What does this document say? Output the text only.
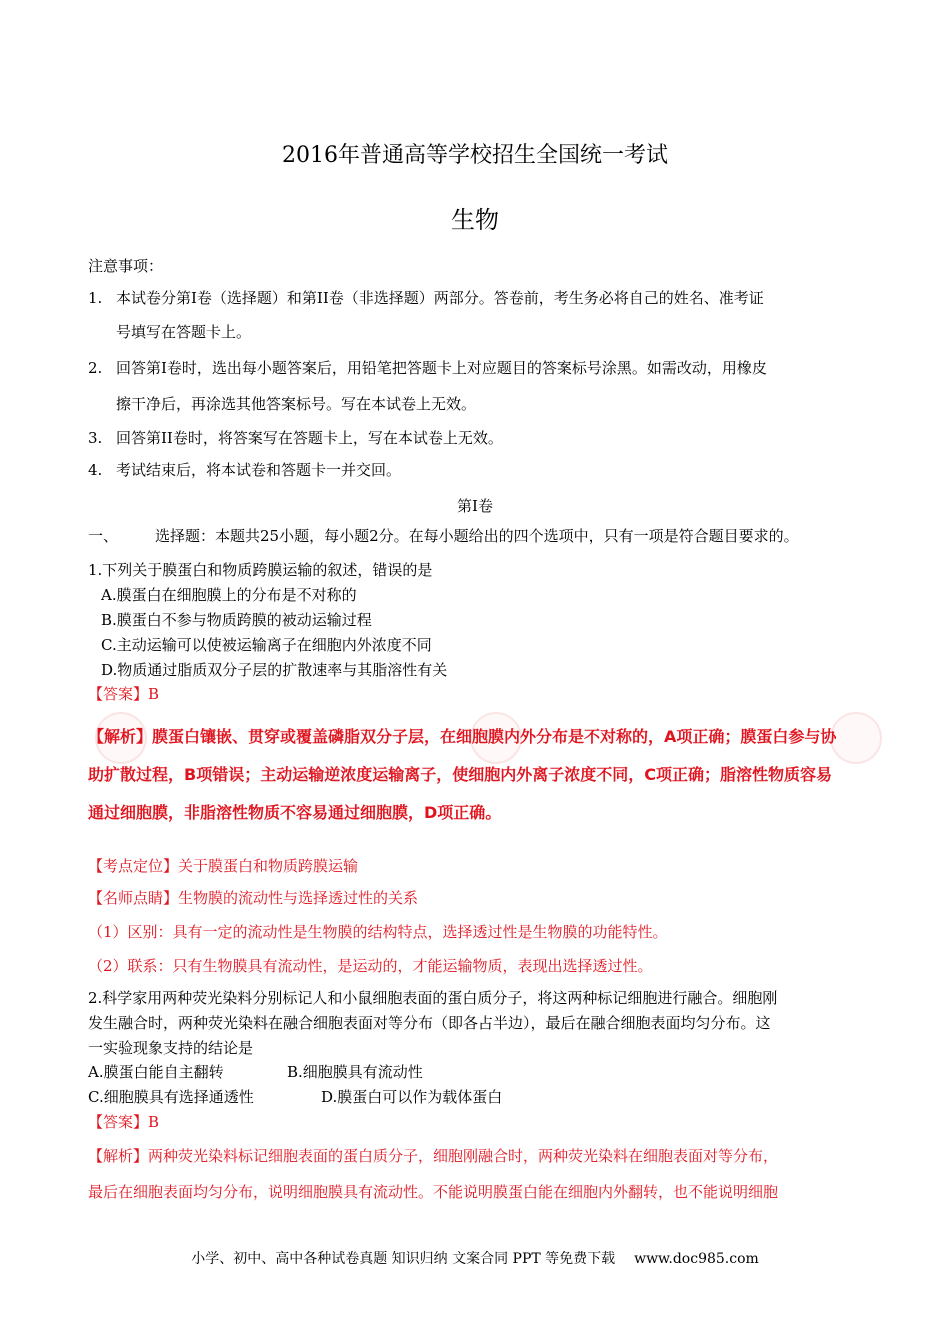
2016年普通高等学校招生全国统一考试
生物
注意事项：
1. 本试卷分第Ⅰ卷（选择题）和第II卷（非选择题）两部分。答卷前，考生务必将自己的姓名、准考证
号填写在答题卡上。
2. 回答第Ⅰ卷时，选出每小题答案后，用铅笔把答题卡上对应题目的答案标号涂黑。如需改动，用橡皮
擦干净后，再涂选其他答案标号。写在本试卷上无效。
3. 回答第II卷时，将答案写在答题卡上，写在本试卷上无效。
4. 考试结束后，将本试卷和答题卡一并交回。
第Ⅰ卷
一、 选择题：本题共25小题，每小题2分。在每小题给出的四个选项中，只有一项是符合题目要求的。
1.下列关于膜蛋白和物质跨膜运输的叙述，错误的是
A.膜蛋白在细胞膜上的分布是不对称的
B.膜蛋白不参与物质跨膜的被动运输过程
C.主动运输可以使被运输离子在细胞内外浓度不同
D.物质通过脂质双分子层的扩散速率与其脂溶性有关
【答案】B
【解析】膜蛋白镶嵌、贯穿或覆盖磷脂双分子层，在细胞膜内外分布是不对称的，A项正确；膜蛋白参与协
助扩散过程，B项错误；主动运输逆浓度运输离子，使细胞内外离子浓度不同，C项正确；脂溶性物质容易
通过细胞膜，非脂溶性物质不容易通过细胞膜，D项正确。
【考点定位】关于膜蛋白和物质跨膜运输
【名师点睛】生物膜的流动性与选择透过性的关系
（1）区别：具有一定的流动性是生物膜的结构特点，选择透过性是生物膜的功能特性。
（2）联系：只有生物膜具有流动性，是运动的，才能运输物质，表现出选择透过性。
2.科学家用两种荧光染料分别标记人和小鼠细胞表面的蛋白质分子，将这两种标记细胞进行融合。细胞刚
发生融合时，两种荧光染料在融合细胞表面对等分布（即各占半边），最后在融合细胞表面均匀分布。这
一实验现象支持的结论是
A.膜蛋白能自主翻转	B.细胞膜具有流动性
C.细胞膜具有选择通透性	D.膜蛋白可以作为载体蛋白
【答案】B
【解析】两种荧光染料标记细胞表面的蛋白质分子，细胞刚融合时，两种荧光染料在细胞表面对等分布，
最后在细胞表面均匀分布，说明细胞膜具有流动性。不能说明膜蛋白能在细胞内外翻转，也不能说明细胞
小学、初中、高中各种试卷真题 知识归纳 文案合同 PPT 等免费下载 www.doc985.com
